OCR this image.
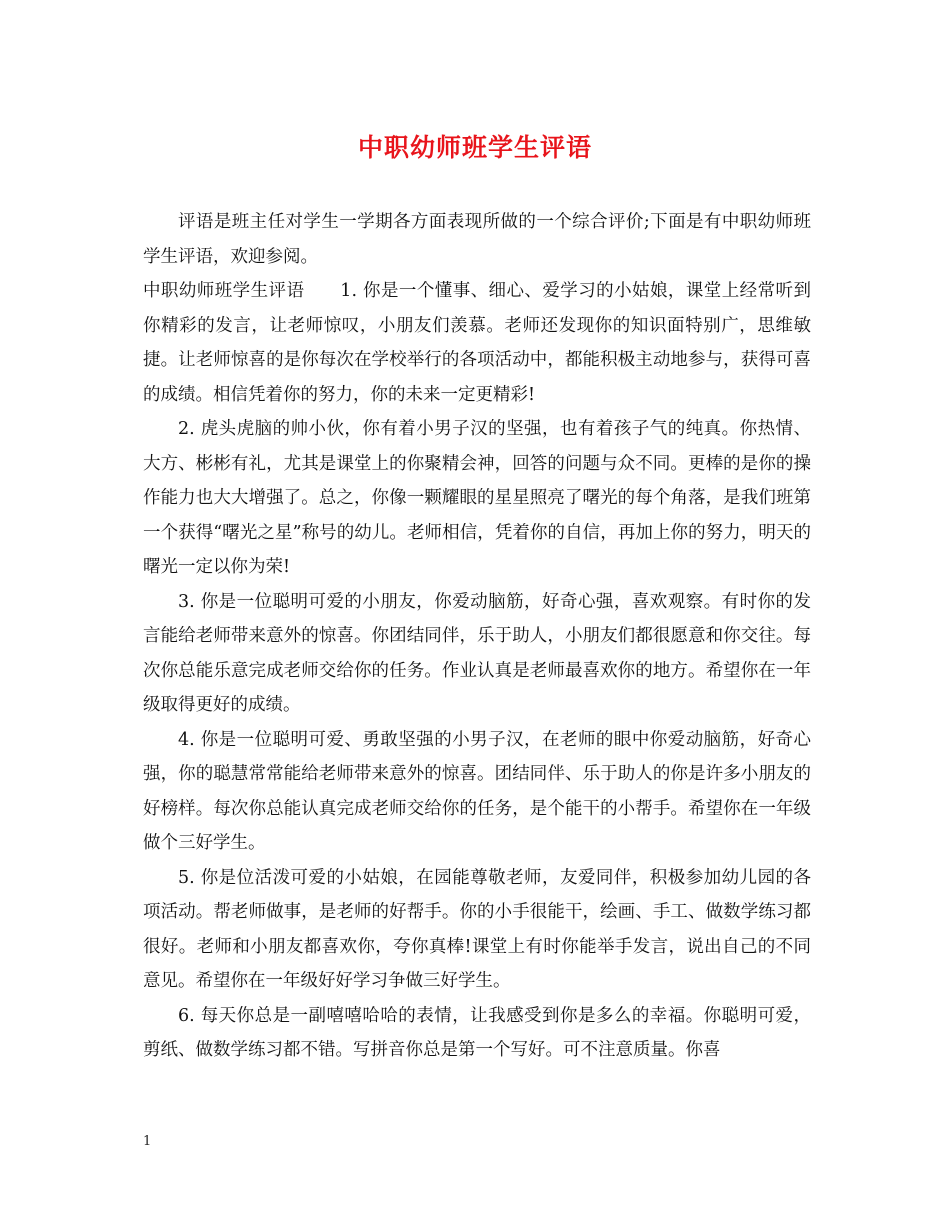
中职幼师班学生评语

评语是班主任对学生一学期各方面表现所做的一个综合评价;下面是有中职幼师班学生评语，欢迎参阅。

中职幼师班学生评语　　1. 你是一个懂事、细心、爱学习的小姑娘，课堂上经常听到你精彩的发言，让老师惊叹，小朋友们羡慕。老师还发现你的知识面特别广，思维敏捷。让老师惊喜的是你每次在学校举行的各项活动中，都能积极主动地参与，获得可喜的成绩。相信凭着你的努力，你的未来一定更精彩!

2. 虎头虎脑的帅小伙，你有着小男子汉的坚强，也有着孩子气的纯真。你热情、大方、彬彬有礼，尤其是课堂上的你聚精会神，回答的问题与众不同。更棒的是你的操作能力也大大增强了。总之，你像一颗耀眼的星星照亮了曙光的每个角落，是我们班第一个获得“曙光之星”称号的幼儿。老师相信，凭着你的自信，再加上你的努力，明天的曙光一定以你为荣!

3. 你是一位聪明可爱的小朋友，你爱动脑筋，好奇心强，喜欢观察。有时你的发言能给老师带来意外的惊喜。你团结同伴，乐于助人，小朋友们都很愿意和你交往。每次你总能乐意完成老师交给你的任务。作业认真是老师最喜欢你的地方。希望你在一年级取得更好的成绩。

4. 你是一位聪明可爱、勇敢坚强的小男子汉，在老师的眼中你爱动脑筋，好奇心强，你的聪慧常常能给老师带来意外的惊喜。团结同伴、乐于助人的你是许多小朋友的好榜样。每次你总能认真完成老师交给你的任务，是个能干的小帮手。希望你在一年级做个三好学生。

5. 你是位活泼可爱的小姑娘，在园能尊敬老师，友爱同伴，积极参加幼儿园的各项活动。帮老师做事，是老师的好帮手。你的小手很能干，绘画、手工、做数学练习都很好。老师和小朋友都喜欢你，夸你真棒!课堂上有时你能举手发言，说出自己的不同意见。希望你在一年级好好学习争做三好学生。

6. 每天你总是一副嘻嘻哈哈的表情，让我感受到你是多么的幸福。你聪明可爱，剪纸、做数学练习都不错。写拼音你总是第一个写好。可不注意质量。你喜

1
